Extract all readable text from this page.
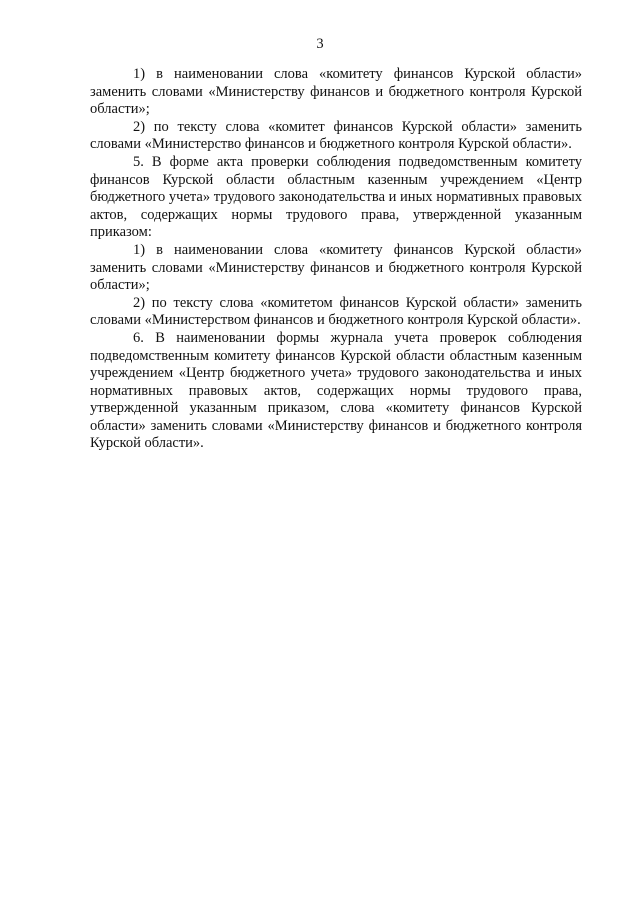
3

1) в наименовании слова «комитету финансов Курской области» заменить словами «Министерству финансов и бюджетного контроля Курской области»;

2) по тексту слова «комитет финансов Курской области» заменить словами «Министерство финансов и бюджетного контроля Курской области».

5. В форме акта проверки соблюдения подведомственным комитету финансов Курской области областным казенным учреждением «Центр бюджетного учета» трудового законодательства и иных нормативных правовых актов, содержащих нормы трудового права, утвержденной указанным приказом:

1) в наименовании слова «комитету финансов Курской области» заменить словами «Министерству финансов и бюджетного контроля Курской области»;

2) по тексту слова «комитетом финансов Курской области» заменить словами «Министерством финансов и бюджетного контроля Курской области».

6. В наименовании формы журнала учета проверок соблюдения подведомственным комитету финансов Курской области областным казенным учреждением «Центр бюджетного учета» трудового законодательства и иных нормативных правовых актов, содержащих нормы трудового права, утвержденной указанным приказом, слова «комитету финансов Курской области» заменить словами «Министерству финансов и бюджетного контроля Курской области».
